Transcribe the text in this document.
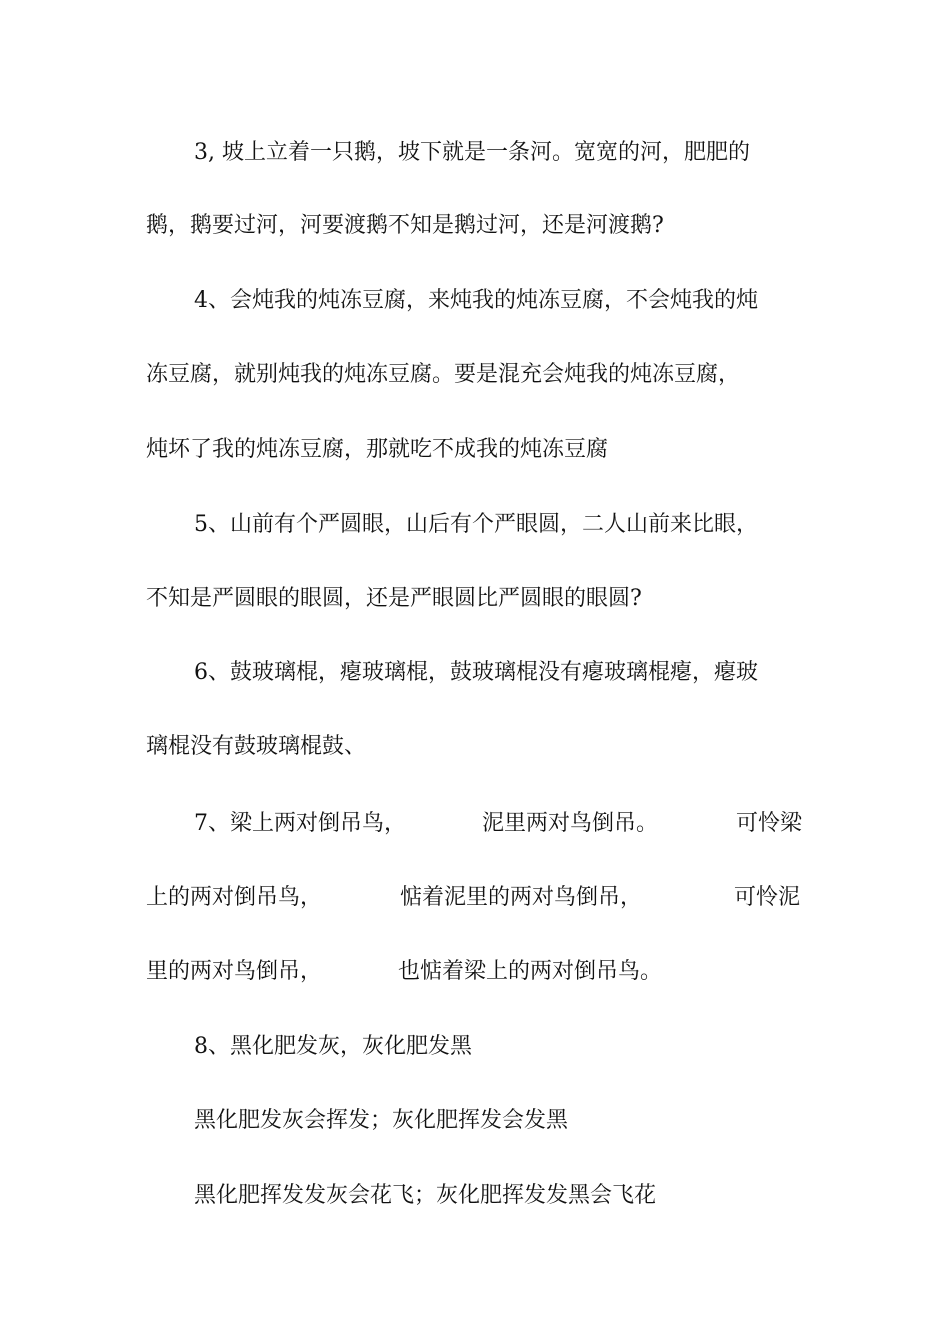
3, 坡上立着一只鹅，坡下就是一条河。宽宽的河，肥肥的
鹅，鹅要过河，河要渡鹅不知是鹅过河，还是河渡鹅?
4、会炖我的炖冻豆腐，来炖我的炖冻豆腐，不会炖我的炖
冻豆腐，就别炖我的炖冻豆腐。要是混充会炖我的炖冻豆腐，
炖坏了我的炖冻豆腐，那就吃不成我的炖冻豆腐
5、山前有个严圆眼，山后有个严眼圆，二人山前来比眼，
不知是严圆眼的眼圆，还是严眼圆比严圆眼的眼圆?
6、鼓玻璃棍，瘪玻璃棍，鼓玻璃棍没有瘪玻璃棍瘪，瘪玻
璃棍没有鼓玻璃棍鼓、

7、梁上两对倒吊鸟，

	泥里两对鸟倒吊。

	可怜梁

上的两对倒吊鸟，

	惦着泥里的两对鸟倒吊，

	可怜泥

里的两对鸟倒吊，

	也惦着梁上的两对倒吊鸟。

8、黑化肥发灰，灰化肥发黑
黑化肥发灰会挥发；灰化肥挥发会发黑
黑化肥挥发发灰会花飞；灰化肥挥发发黑会飞花
